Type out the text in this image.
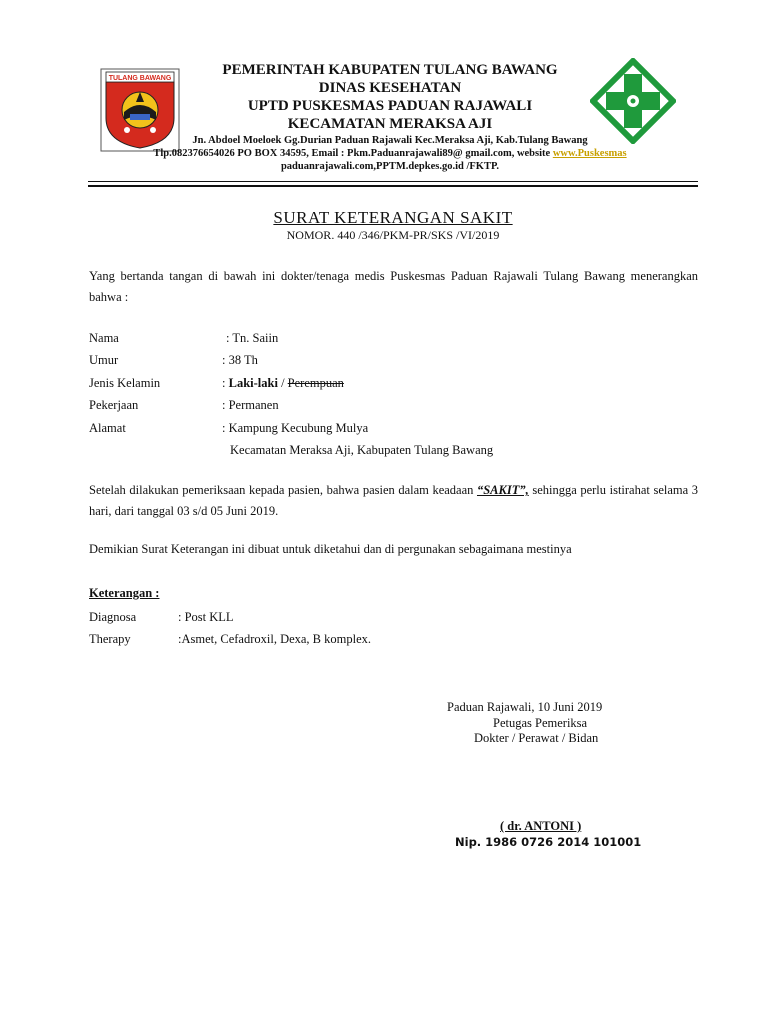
TULANG BAWANG
PEMERINTAH KABUPATEN TULANG BAWANG
DINAS KESEHATAN
UPTD PUSKESMAS PADUAN RAJAWALI
KECAMATAN MERAKSA AJI
Jn. Abdoel Moeloek Gg.Durian Paduan Rajawali Kec.Meraksa Aji, Kab.Tulang Bawang
Tlp.082376654026 PO BOX 34595, Email : Pkm.Paduanrajawali89@ gmail.com, website www.Puskesmas
paduanrajawali.com,PPTM.depkes.go.id /FKTP.
SURAT KETERANGAN SAKIT
NOMOR. 440 /346/PKM-PR/SKS /VI/2019
Yang bertanda tangan di bawah ini dokter/tenaga medis Puskesmas Paduan Rajawali Tulang Bawang menerangkan bahwa :
Nama	: Tn. Saiin
Umur	: 38 Th
Jenis Kelamin	: Laki-laki / Perempuan
Pekerjaan	: Permanen
Alamat	: Kampung Kecubung Mulya
Kecamatan Meraksa Aji, Kabupaten Tulang Bawang
Setelah dilakukan pemeriksaan kepada pasien, bahwa pasien dalam keadaan “SAKIT”, sehingga perlu istirahat selama 3 hari, dari tanggal 03 s/d 05 Juni 2019.
Demikian Surat Keterangan ini dibuat untuk diketahui dan di pergunakan sebagaimana mestinya
Keterangan :
Diagnosa	: Post KLL
Therapy	:Asmet, Cefadroxil, Dexa, B komplex.
Paduan Rajawali, 10 Juni 2019
Petugas Pemeriksa
Dokter / Perawat / Bidan
( dr. ANTONI )
Nip. 1986 0726 2014 101001
